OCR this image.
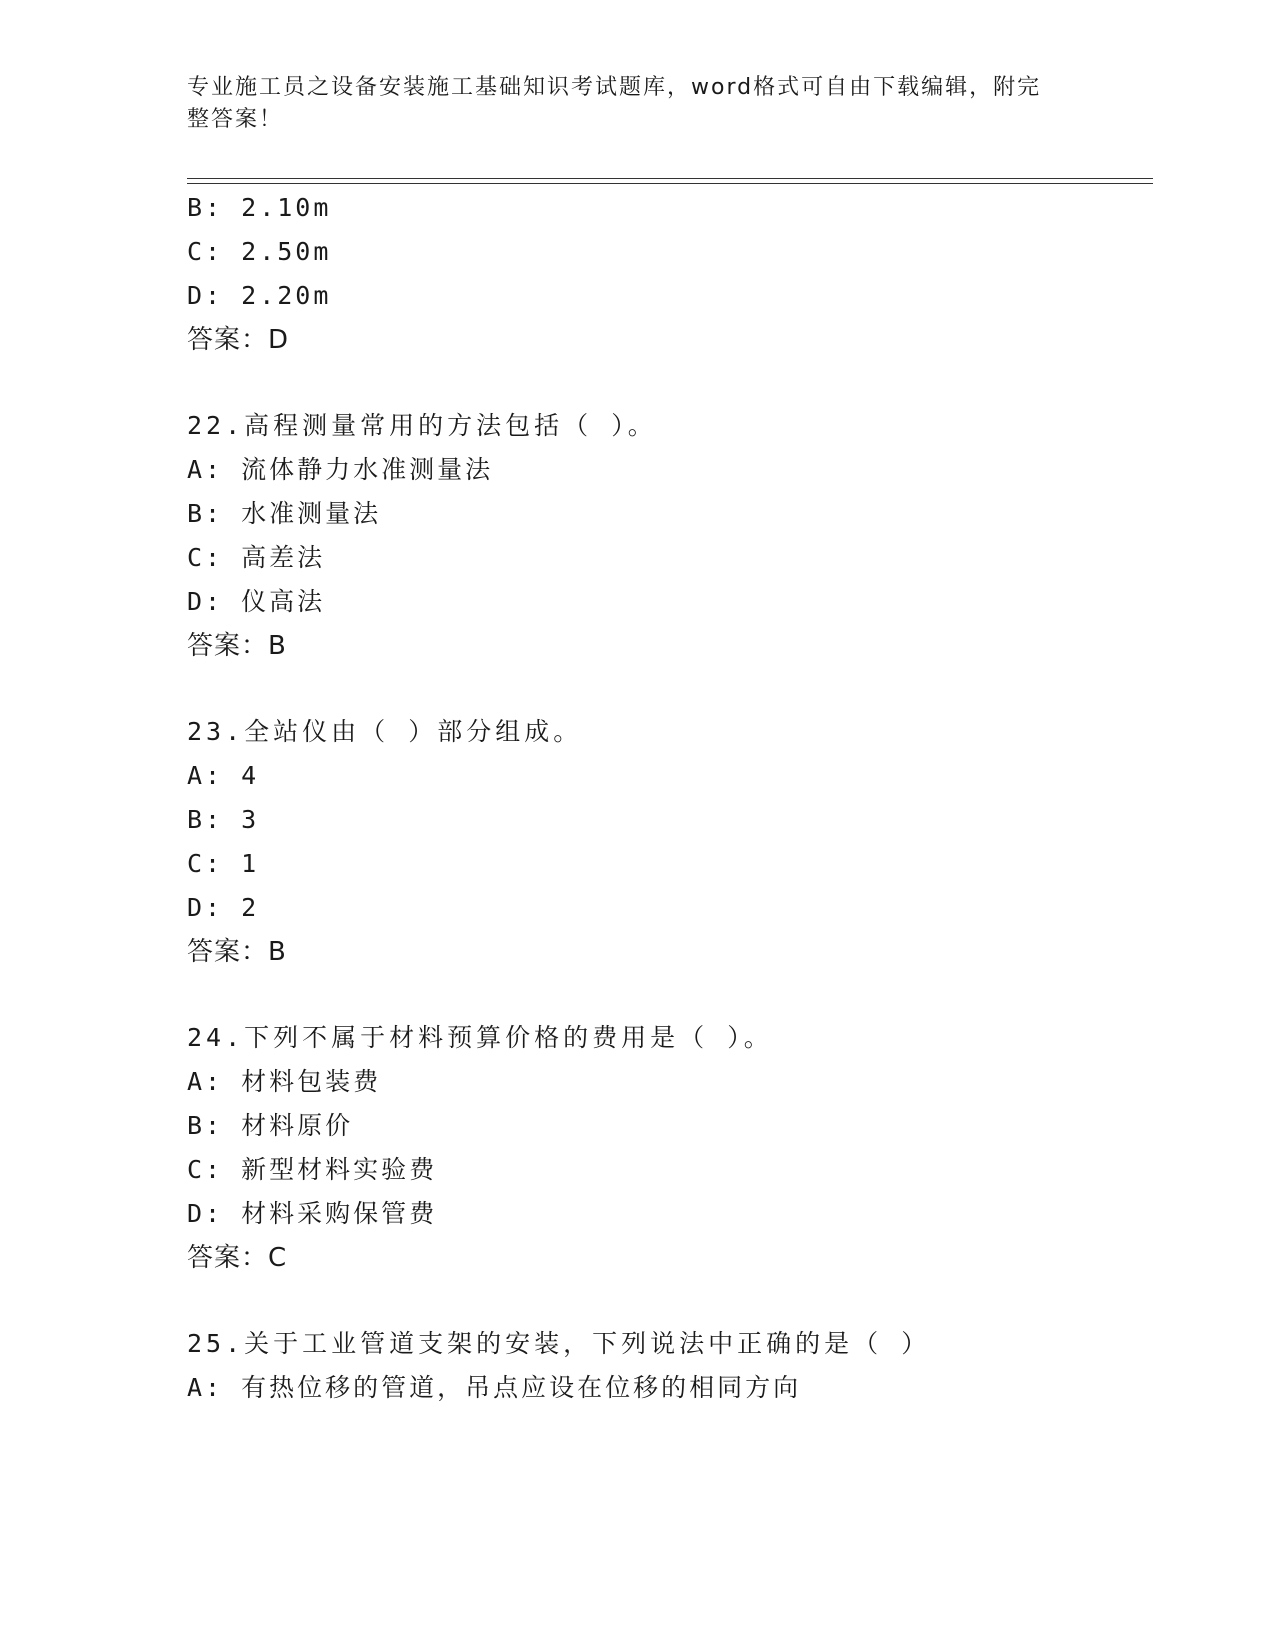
专业施工员之设备安装施工基础知识考试题库，word格式可自由下载编辑，附完
整答案！
B: 2.10m
C: 2.50m
D: 2.20m
答案：D
22.高程测量常用的方法包括（ ）。
A: 流体静力水准测量法
B: 水准测量法
C: 高差法
D: 仪高法
答案：B
23.全站仪由（ ）部分组成。
A: 4
B: 3
C: 1
D: 2
答案：B
24.下列不属于材料预算价格的费用是（ ）。
A: 材料包装费
B: 材料原价
C: 新型材料实验费
D: 材料采购保管费
答案：C
25.关于工业管道支架的安装，下列说法中正确的是（ ）
A: 有热位移的管道，吊点应设在位移的相同方向
